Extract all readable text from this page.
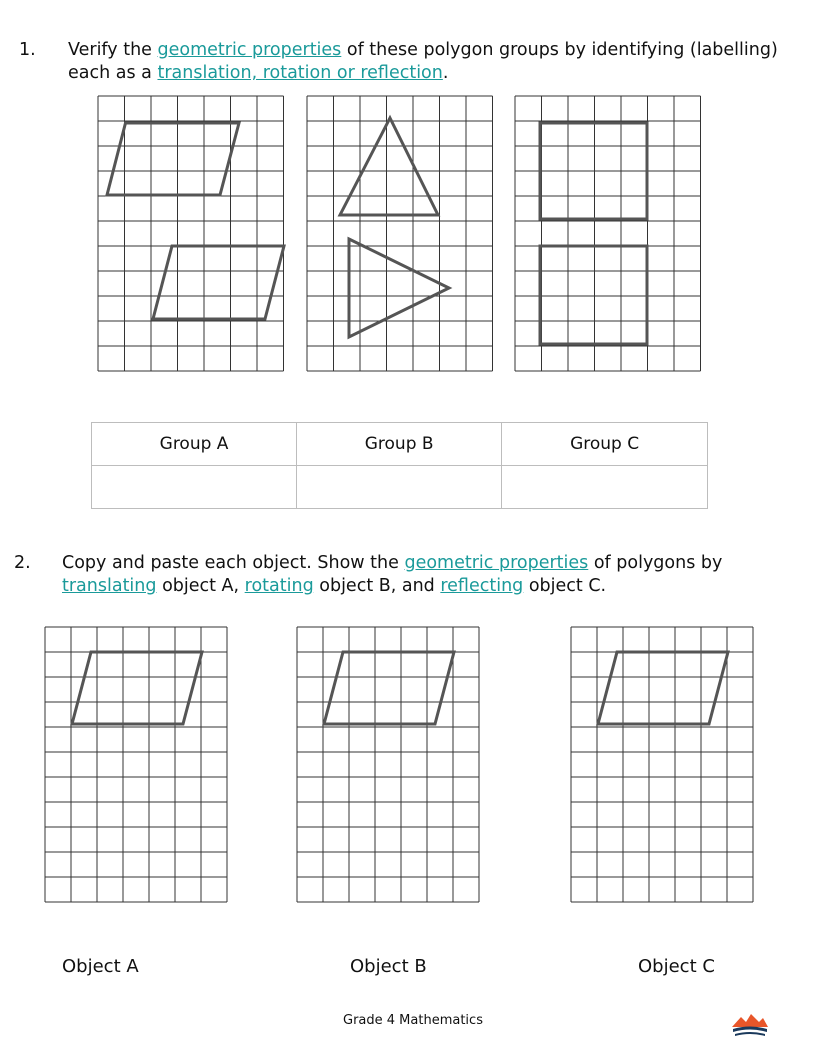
1. Verify the geometric properties of these polygon groups by identifying (labelling)
each as a translation, rotation or reflection.
Group A	Group B	Group C

2. Copy and paste each object. Show the geometric properties of polygons by
translating object A, rotating object B, and reflecting object C.
Object A	Object B	Object C
Grade 4 Mathematics
